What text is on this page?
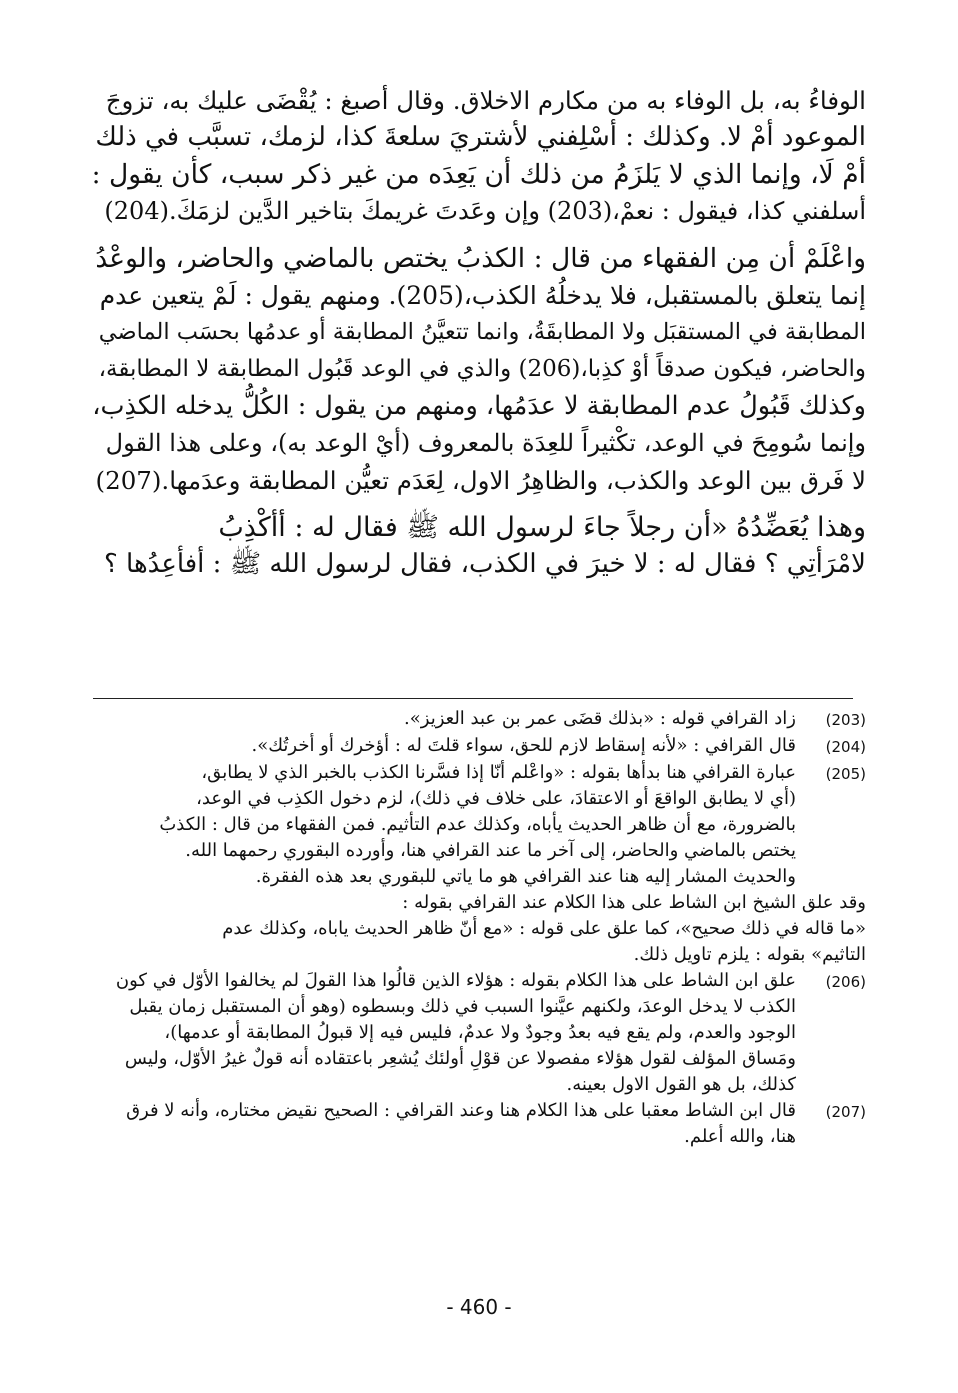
الوفاءُ به، بل الوفاء به من مكارم الاخلاق. وقال أصبغ : يُقْضَى عليك به، تزوجَ
الموعود أمْ لا. وكذلك : أسْلِفني لأشتريَ سلعةَ كذا، لزمك، تسبَّب في ذلك
أمْ لَا، وإنما الذي لا يَلزَمُ من ذلك أن يَعِدَه من غير ذكر سبب، كأن يقول :
أسلفني كذا، فيقول : نعمْ،(203) وإن وعَدتَ غريمكَ بتاخير الدَّين لزمَكَ.(204)
واعْلَمْ أن مِن الفقهاء من قال : الكذبُ يختص بالماضي والحاضر، والوعْدُ
إنما يتعلق بالمستقبل، فلا يدخلُهُ الكذب،(205). ومنهم يقول : لَمْ يتعين عدم
المطابقة في المستقبَل ولا المطابقَةُ، وانما تتعيَّنُ المطابقة أو عدمُها بحسَب الماضي
والحاضر، فيكون صدقاً أوْ كذِبا،(206) والذي في الوعد قَبُول المطابقة لا المطابقة،
وكذلك قَبُولُ عدم المطابقة لا عدَمُها، ومنهم من يقول : الكُلُّ يدخله الكذِب،
وإنما سُومِحَ في الوعد، تكْثيراً للعِدَة بالمعروف (أيْ الوعد به)، وعلى هذا القول
لا فَرق بين الوعد والكذب، والظاهِرُ الاول، لِعَدَم تعيُّن المطابقة وعدَمها.(207)
وهذا يُعَضِّدُهُ «أن رجلاً جاءَ لرسول الله ﷺ فقال له : أأكْذِبُ
لامْرَأتِي ؟ فقال له : لا خيرَ في الكذب، فقال لرسول الله ﷺ : أفأعِدُها ؟
(203)
زاد القرافي قوله : «بذلك قضَى عمر بن عبد العزيز».
(204)
قال القرافي : «لأنه إسقاط لازم للحق، سواء قلتَ له : أؤخرك أو أخرتُك».
(205)
عبارة القرافي هنا بدأها بقوله : «واعْلم أنّا إذا فسَّرنا الكذب بالخبر الذي لا يطابق،
(أي لا يطابق الواقعَ أو الاعتقادَ، على خلاف في ذلك)، لزم دخول الكذِب في الوعد،
بالضرورة، مع أن ظاهر الحديث يأباه، وكذلك عدم التأثيم. فمن الفقهاء من قال : الكذبُ
يختص بالماضي والحاضر، إلى آخر ما عند القرافي هنا، وأورده البقوري رحمهما الله.
والحديث المشار إليه هنا عند القرافي هو ما ياتي للبقوري بعد هذه الفقرة.
وقد علق الشيخ ابن الشاط على هذا الكلام عند القرافي بقوله :
«ما قاله في ذلك صحيح»، كما علق على قوله : «مع أنّ ظاهر الحديث ياباه، وكذلك عدم
التاثيم» بقوله : يلزم تاويل ذلك.
(206)
علق ابن الشاط على هذا الكلام بقوله : هؤلاء الذين قالُوا هذا القولَ لم يخالفوا الأوّل في كون
الكذب لا يدخل الوعدَ، ولكنهم عيَّنوا السبب في ذلك وبسطوه (وهو أن المستقبل زمان يقبل
الوجود والعدم، ولم يقع فيه بعدُ وجودٌ ولا عدمٌ، فليس فيه إلا قبولُ المطابقة أو عدمها)،
ومَساق المؤلف لقول هؤلاء مفصولا عن قوْلِ أولئك يُشعِر باعتقاده أنه قولٌ غيرُ الأوّل، وليس
كذلك، بل هو القول الاول بعينه.
(207)
قال ابن الشاط معقبا على هذا الكلام هنا وعند القرافي : الصحيح نقيض مختاره، وأنه لا فرق
هنا، والله أعلم.
- 460 -
